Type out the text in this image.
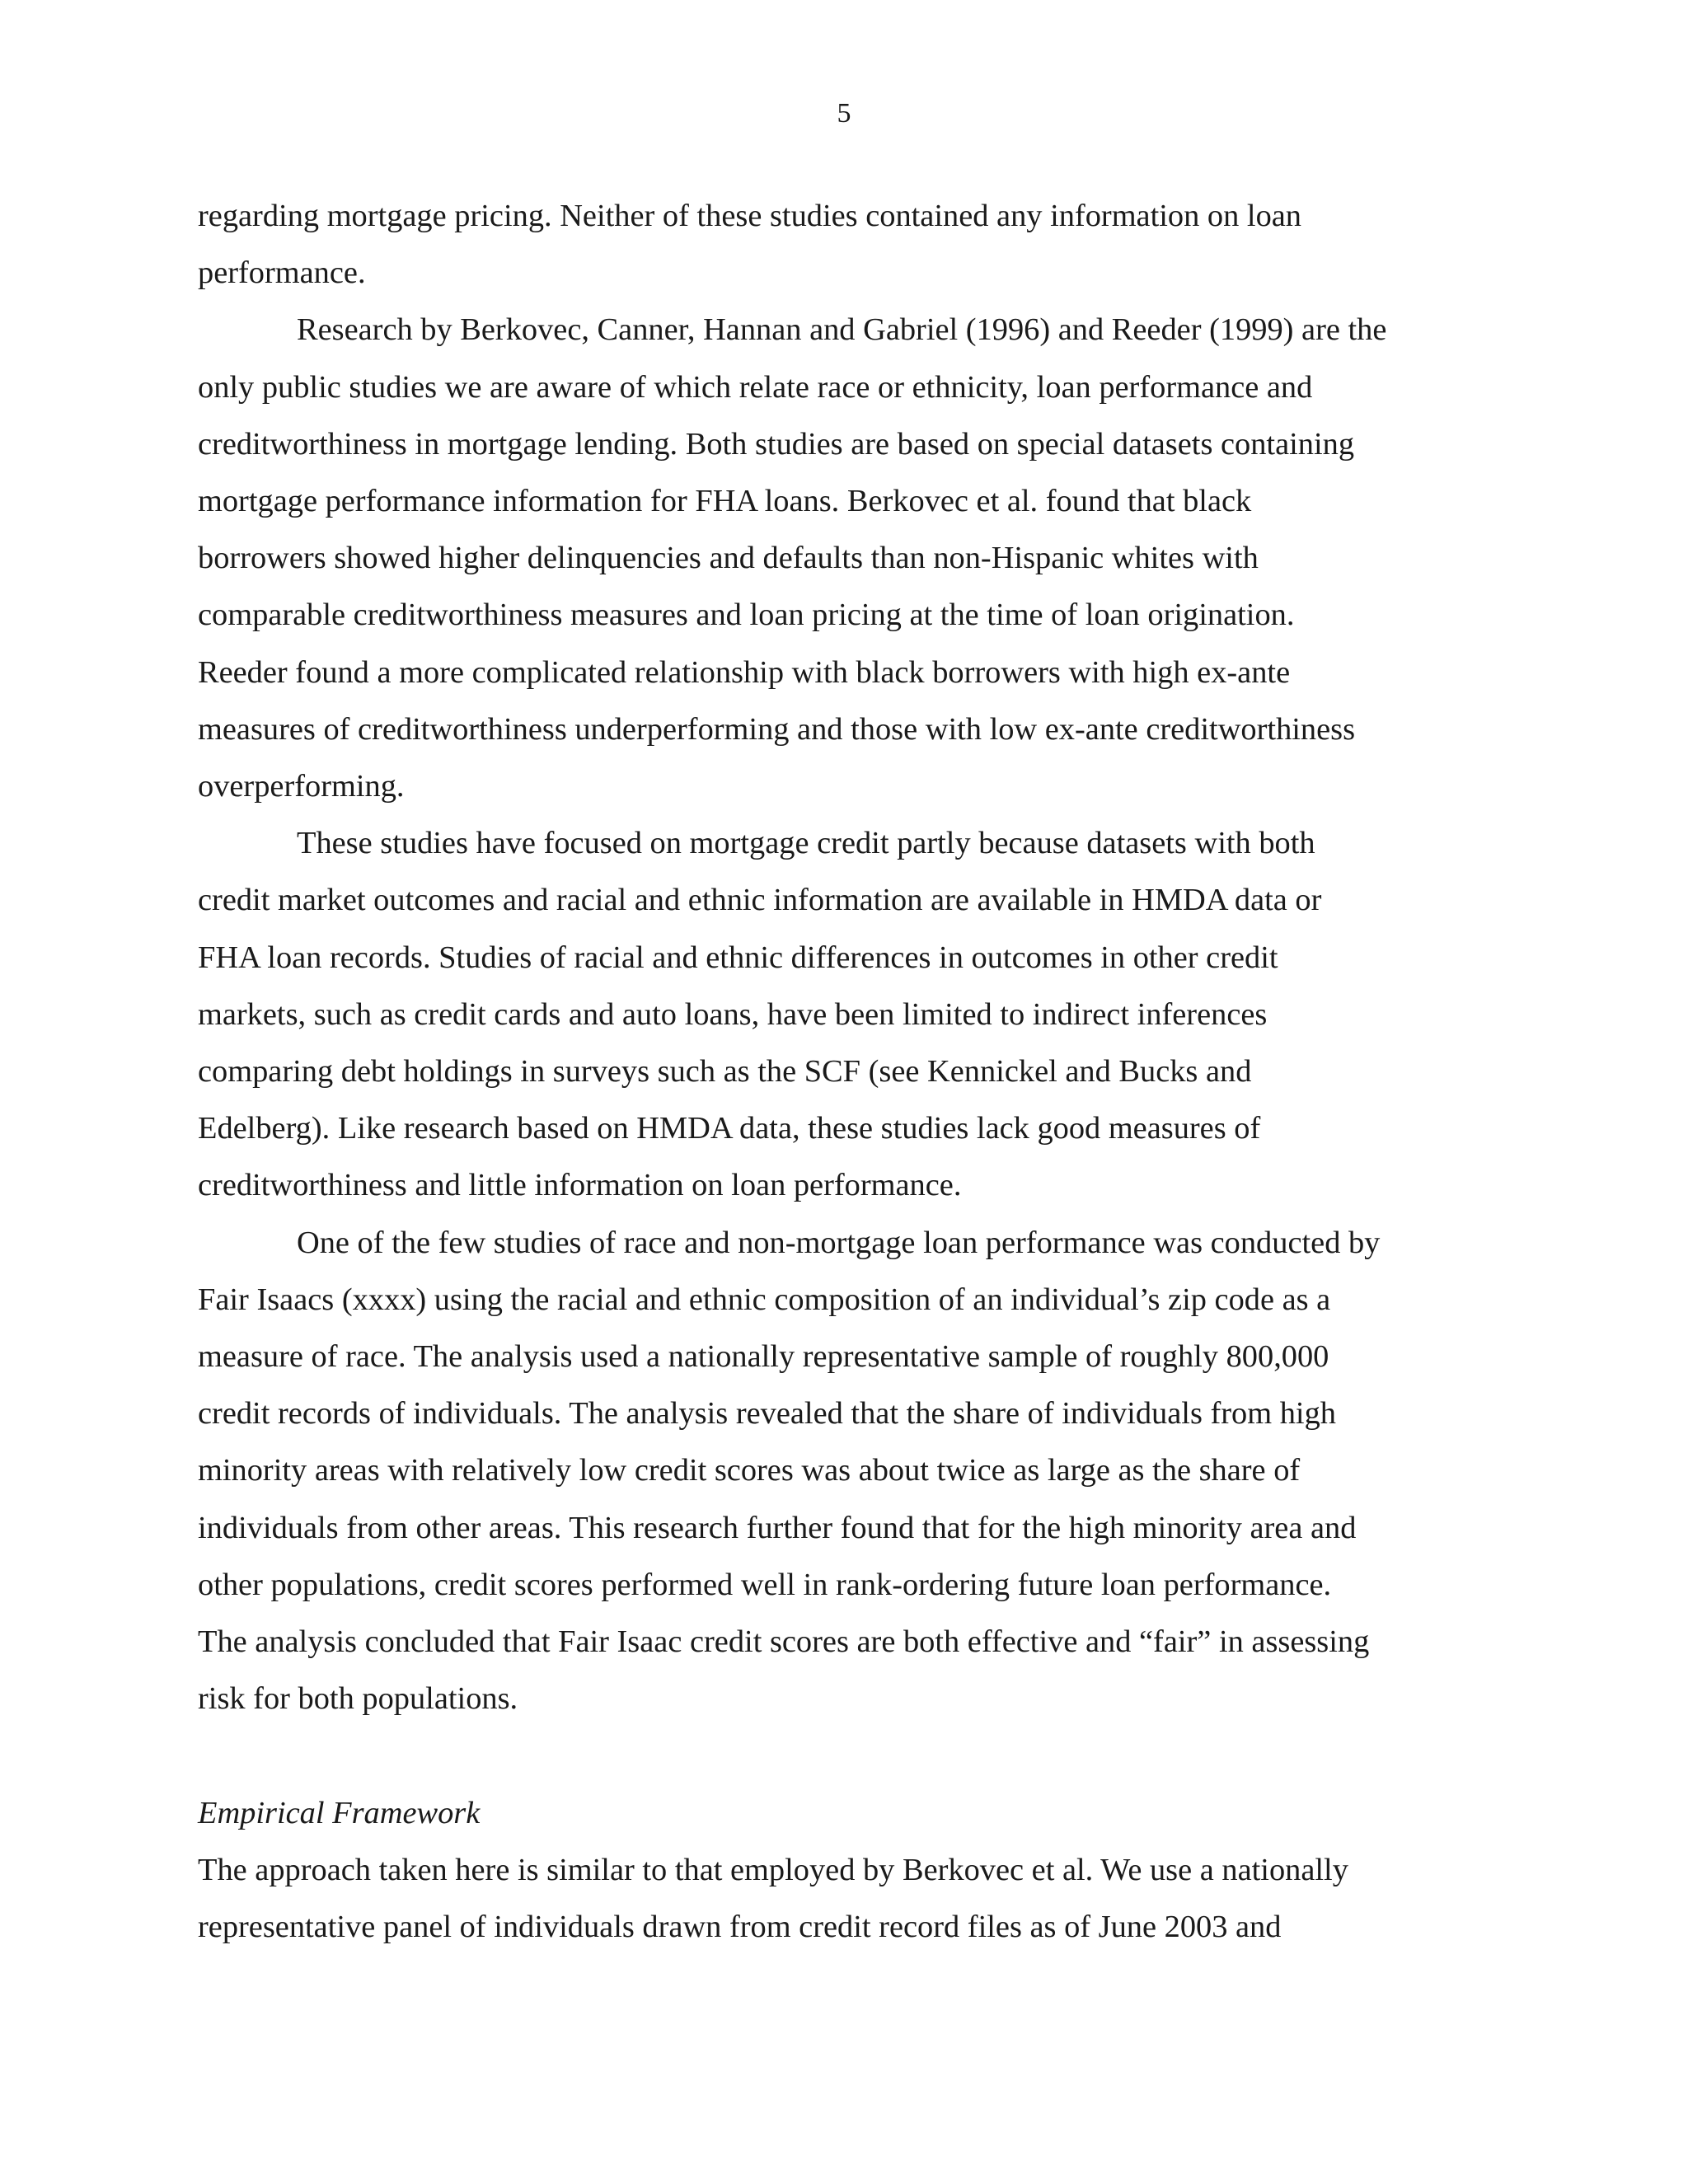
5

regarding mortgage pricing. Neither of these studies contained any information on loan
performance.

Research by Berkovec, Canner, Hannan and Gabriel (1996) and Reeder (1999) are the
only public studies we are aware of which relate race or ethnicity, loan performance and
creditworthiness in mortgage lending. Both studies are based on special datasets containing
mortgage performance information for FHA loans. Berkovec et al. found that black
borrowers showed higher delinquencies and defaults than non-Hispanic whites with
comparable creditworthiness measures and loan pricing at the time of loan origination.
Reeder found a more complicated relationship with black borrowers with high ex-ante
measures of creditworthiness underperforming and those with low ex-ante creditworthiness
overperforming.

These studies have focused on mortgage credit partly because datasets with both
credit market outcomes and racial and ethnic information are available in HMDA data or
FHA loan records. Studies of racial and ethnic differences in outcomes in other credit
markets, such as credit cards and auto loans, have been limited to indirect inferences
comparing debt holdings in surveys such as the SCF (see Kennickel and Bucks and
Edelberg). Like research based on HMDA data, these studies lack good measures of
creditworthiness and little information on loan performance.

One of the few studies of race and non-mortgage loan performance was conducted by
Fair Isaacs (xxxx) using the racial and ethnic composition of an individual’s zip code as a
measure of race. The analysis used a nationally representative sample of roughly 800,000
credit records of individuals. The analysis revealed that the share of individuals from high
minority areas with relatively low credit scores was about twice as large as the share of
individuals from other areas. This research further found that for the high minority area and
other populations, credit scores performed well in rank-ordering future loan performance.
The analysis concluded that Fair Isaac credit scores are both effective and “fair” in assessing
risk for both populations.

Empirical Framework

The approach taken here is similar to that employed by Berkovec et al. We use a nationally
representative panel of individuals drawn from credit record files as of June 2003 and
